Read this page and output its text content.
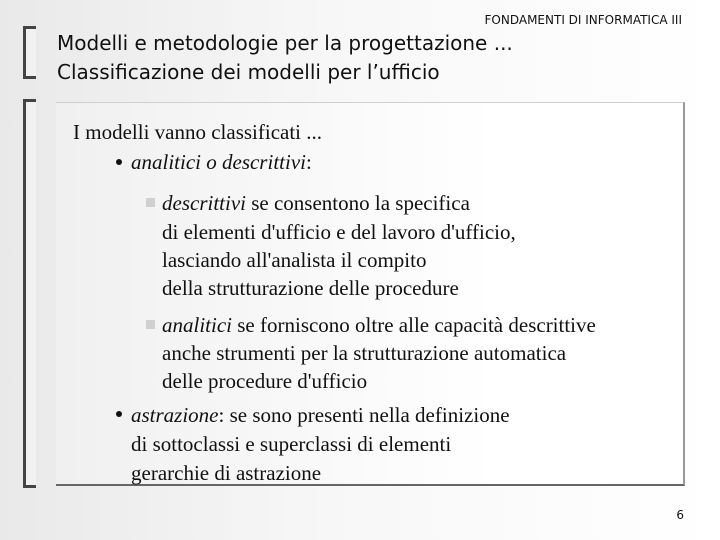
FONDAMENTI DI INFORMATICA III
Modelli e metodologie per la progettazione ...
Classificazione dei modelli per l’ufficio
I modelli vanno classificati ...
analitici o descrittivi:
descrittivi se consentono la specifica
di elementi d'ufficio e del lavoro d'ufficio,
lasciando all'analista il compito
della strutturazione delle procedure
analitici se forniscono oltre alle capacità descrittive
anche strumenti per la strutturazione automatica
delle procedure d'ufficio
astrazione: se sono presenti nella definizione
di sottoclassi e superclassi di elementi
gerarchie di astrazione
6
